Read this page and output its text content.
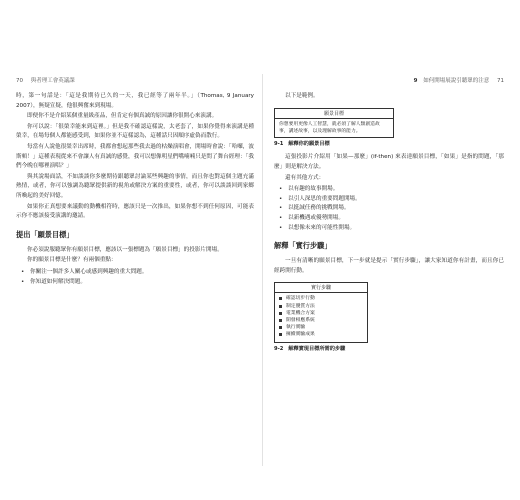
70 與者理工會英議課

時，第一句話是：「這是我期待已久的一天，我已經等了兩年半。」（Thomas, 9 January 2007），無疑宣疑，他很興奮來到現場。

即便你不是介紹某個重量級產品，但肯定有個真誠的原因讓你很開心來演講。

你可以說：「很榮幸能來到這裡。」但是我不確認這樣說，太老套了，如果你覺得來演講是種榮幸，在場每個人都能感受到，如果你並不這樣認為，這種話只因順序虛偽而散行。

每當有人說他很榮幸出席時，我都會想起那些我去過的枯燥演唱會，開場時會說：「哈囉，波斯頓！」這種表現從來不會讓人有真誠的感覺，我可以想像明星們嘴喃喃只是問了舞台經理：「我們今晚在哪裡演唱？」

與其說場面話，不如談談你多麼期待跟聽眾討論某些興趣的事情，而且你也對這個主題充滿熱情，或者，你可以強調為聽眾提供新的視角或解決方案的重要性，或者，你可以談談回到家鄉所喚起的美好回憶。

如果你正真想要來議動的動機相符時，應該只是一次推出，如果你想不到任何原因，可能表示你不應該接受演講的邀請。

提出「願景目標」

你必須說服聽眾你有願景目標，應該以一張標題為「願景目標」的投影片開場。

你的願景目標是什麼？有兩個重點：

• 你關注一個許多人關心或感到興趣的重大問題。
• 你知道如何解決問題。
9 如何開場展說引聽眾的注意 71

以下是範例。

願景目標
你想要用更像人工智慧，就必須了解人類創造故事，講述故事，以及理解故事的能力。
9-1 解釋你的願景目標

這張投影片介紹用「如果—那麼」(if-then) 來表達願景目標，「如果」是指的問題，「那麼」則是解決方法。

還有其他方式：

• 以有趣的故事開場。
• 以引人深思的重要問題開場。
• 以挺誠任務的挑戰開場。
• 以新機遇或優勢開場。
• 以想像未來的可能性開場。
解釋「實行步驟」

一旦有清晰的願景目標，下一步就是提示「實行步驟」，讓大家知道你有計畫，而且你已經跨開行動。

實行步驟
確認切步行動
制定優質方法
電業機合方案
開發相應系統
執行實驗
擁續實驗成果
9-2 解釋實現目標所需的步驟
